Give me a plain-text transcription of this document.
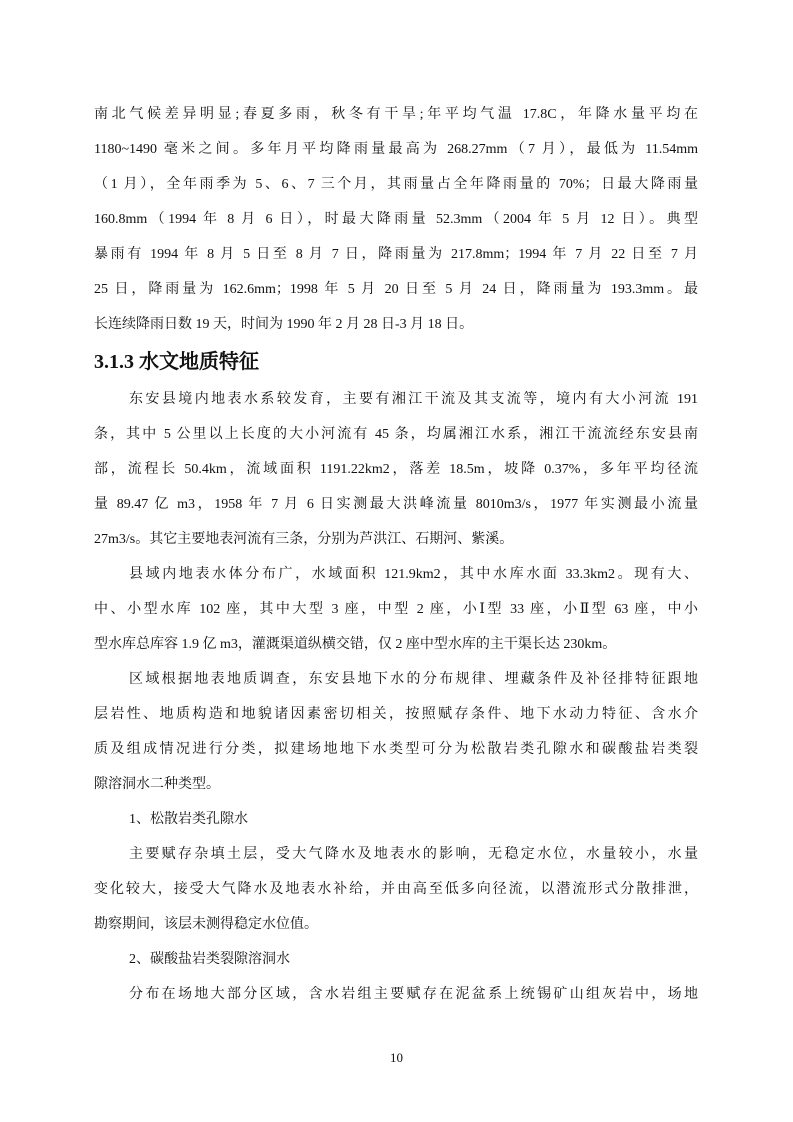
南北气候差异明显;春夏多雨，秋冬有干旱;年平均气温 17.8C，年降水量平均在
1180~1490 毫米之间。多年月平均降雨量最高为 268.27mm（7 月），最低为 11.54mm
（1 月），全年雨季为 5、6、7 三个月，其雨量占全年降雨量的 70%；日最大降雨量
160.8mm（1994 年 8 月 6 日），时最大降雨量 52.3mm（2004 年 5 月 12 日）。典型
暴雨有 1994 年 8 月 5 日至 8 月 7 日，降雨量为 217.8mm；1994 年 7 月 22 日至 7 月
25 日，降雨量为 162.6mm；1998 年 5 月 20 日至 5 月 24 日，降雨量为 193.3mm。最
长连续降雨日数 19 天，时间为 1990 年 2 月 28 日-3 月 18 日。
3.1.3 水文地质特征
东安县境内地表水系较发育，主要有湘江干流及其支流等，境内有大小河流 191
条，其中 5 公里以上长度的大小河流有 45 条，均属湘江水系，湘江干流流经东安县南
部，流程长 50.4km，流域面积 1191.22km2，落差 18.5m，坡降 0.37%，多年平均径流
量 89.47 亿 m3，1958 年 7 月 6 日实测最大洪峰流量 8010m3/s，1977 年实测最小流量
27m3/s。其它主要地表河流有三条，分别为芦洪江、石期河、紫溪。
县域内地表水体分布广，水域面积 121.9km2，其中水库水面 33.3km2。现有大、
中、小型水库 102 座，其中大型 3 座，中型 2 座，小Ⅰ型 33 座，小Ⅱ型 63 座，中小
型水库总库容 1.9 亿 m3，灌溉渠道纵横交错，仅 2 座中型水库的主干渠长达 230km。
区域根据地表地质调查，东安县地下水的分布规律、埋藏条件及补径排特征跟地
层岩性、地质构造和地貌诸因素密切相关，按照赋存条件、地下水动力特征、含水介
质及组成情况进行分类，拟建场地地下水类型可分为松散岩类孔隙水和碳酸盐岩类裂
隙溶洞水二种类型。
1、松散岩类孔隙水
主要赋存杂填土层，受大气降水及地表水的影响，无稳定水位，水量较小，水量
变化较大，接受大气降水及地表水补给，并由高至低多向径流，以潜流形式分散排泄，
勘察期间，该层未测得稳定水位值。
2、碳酸盐岩类裂隙溶洞水
分布在场地大部分区域，含水岩组主要赋存在泥盆系上统锡矿山组灰岩中，场地
10
